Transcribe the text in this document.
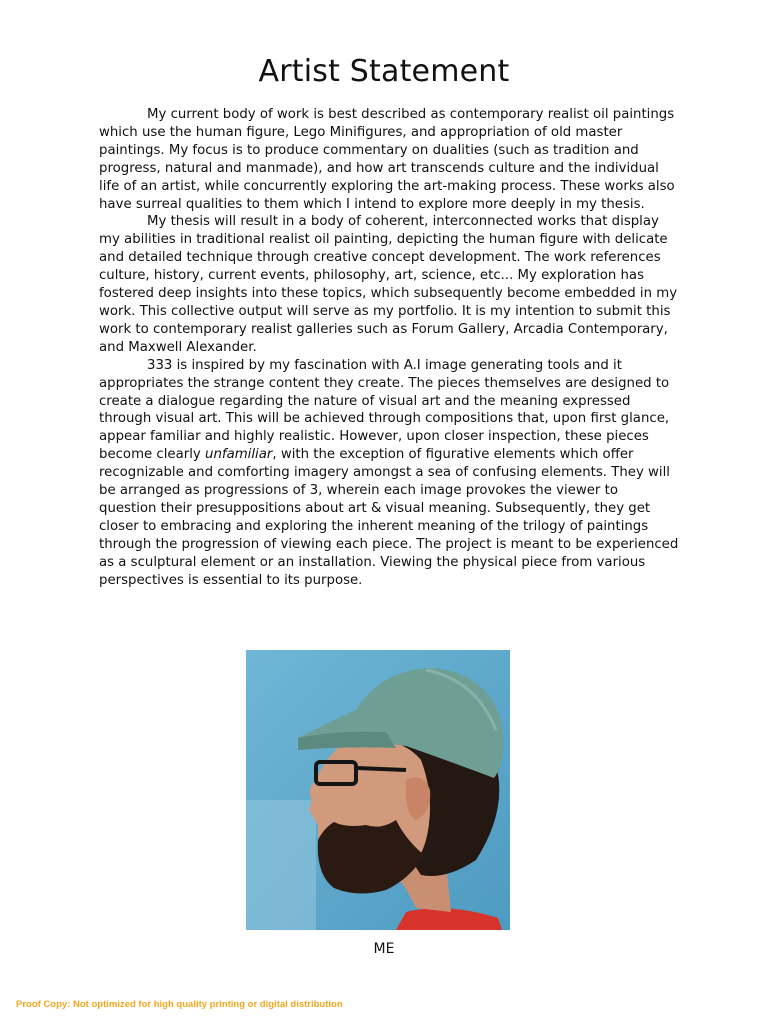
Artist Statement

My current body of work is best described as contemporary realist oil paintings which use the human figure, Lego Minifigures, and appropriation of old master paintings. My focus is to produce commentary on dualities (such as tradition and progress, natural and manmade), and how art transcends culture and the individual life of an artist, while concurrently exploring the art-making process. These works also have surreal qualities to them which I intend to explore more deeply in my thesis.

My thesis will result in a body of coherent, interconnected works that display my abilities in traditional realist oil painting, depicting the human figure with delicate and detailed technique through creative concept development. The work references culture, history, current events, philosophy, art, science, etc... My exploration has fostered deep insights into these topics, which subsequently become embedded in my work. This collective output will serve as my portfolio. It is my intention to submit this work to contemporary realist galleries such as Forum Gallery, Arcadia Contemporary, and Maxwell Alexander.

333 is inspired by my fascination with A.I image generating tools and it appropriates the strange content they create. The pieces themselves are designed to create a dialogue regarding the nature of visual art and the meaning expressed through visual art. This will be achieved through compositions that, upon first glance, appear familiar and highly realistic. However, upon closer inspection, these pieces become clearly unfamiliar, with the exception of figurative elements which offer recognizable and comforting imagery amongst a sea of confusing elements. They will be arranged as progressions of 3, wherein each image provokes the viewer to question their presuppositions about art & visual meaning. Subsequently, they get closer to embracing and exploring the inherent meaning of the trilogy of paintings through the progression of viewing each piece. The project is meant to be experienced as a sculptural element or an installation. Viewing the physical piece from various perspectives is essential to its purpose.

ME
Proof Copy: Not optimized for high quality printing or digital distribution
